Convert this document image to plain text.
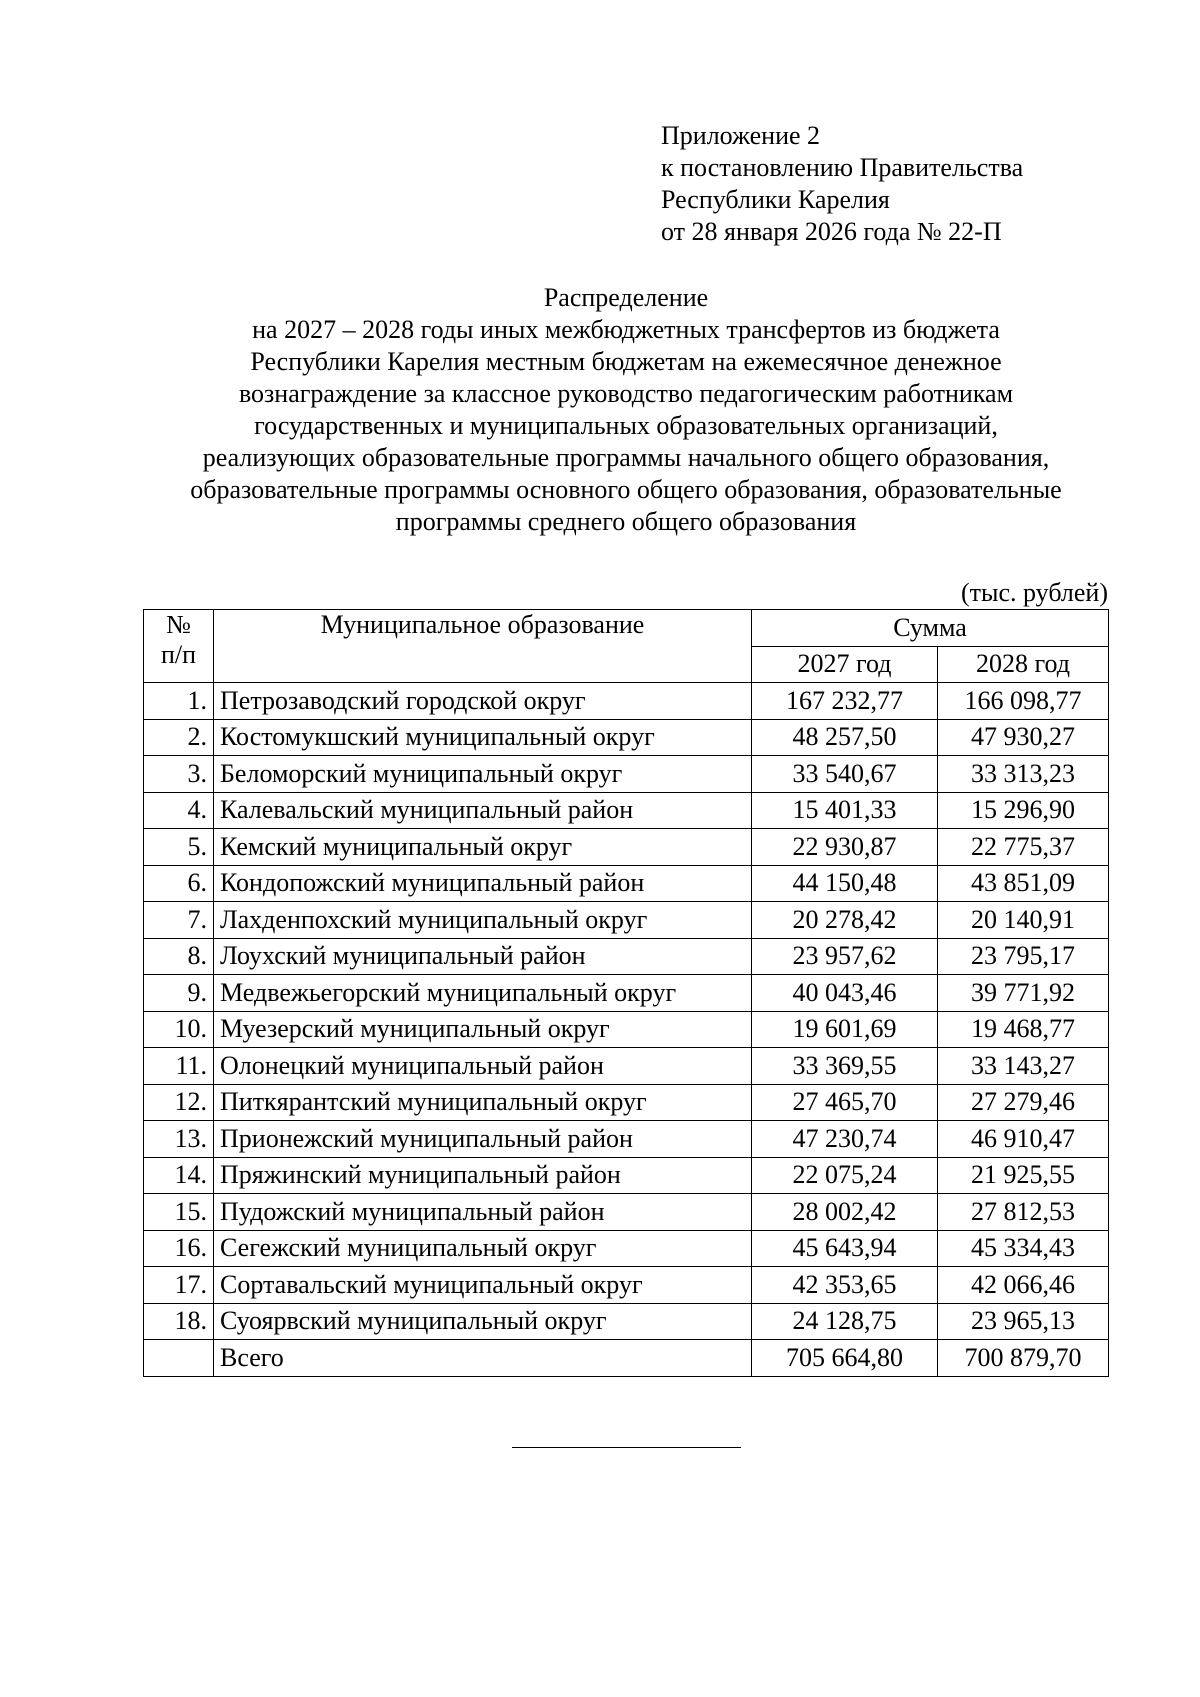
Приложение 2
к постановлению Правительства
Республики Карелия
от 28 января 2026 года № 22-П
Распределение
на 2027 – 2028 годы иных межбюджетных трансфертов из бюджета
Республики Карелия местным бюджетам на ежемесячное денежное
вознаграждение за классное руководство педагогическим работникам
государственных и муниципальных образовательных организаций,
реализующих образовательные программы начального общего образования,
образовательные программы основного общего образования, образовательные
программы среднего общего образования
(тыс. рублей)
№
п/п	Муниципальное образование	Сумма	
		2027 год	2028 год
1.	Петрозаводский городской округ	167 232,77	166 098,77
2.	Костомукшский муниципальный округ	48 257,50	47 930,27
3.	Беломорский муниципальный округ	33 540,67	33 313,23
4.	Калевальский муниципальный район	15 401,33	15 296,90
5.	Кемский муниципальный округ	22 930,87	22 775,37
6.	Кондопожский муниципальный район	44 150,48	43 851,09
7.	Лахденпохский муниципальный округ	20 278,42	20 140,91
8.	Лоухский муниципальный район	23 957,62	23 795,17
9.	Медвежьегорский муниципальный округ	40 043,46	39 771,92
10.	Муезерский муниципальный округ	19 601,69	19 468,77
11.	Олонецкий муниципальный район	33 369,55	33 143,27
12.	Питкярантский муниципальный округ	27 465,70	27 279,46
13.	Прионежский муниципальный район	47 230,74	46 910,47
14.	Пряжинский муниципальный район	22 075,24	21 925,55
15.	Пудожский муниципальный район	28 002,42	27 812,53
16.	Сегежский муниципальный округ	45 643,94	45 334,43
17.	Сортавальский муниципальный округ	42 353,65	42 066,46
18.	Суоярвский муниципальный округ	24 128,75	23 965,13
	Всего	705 664,80	700 879,70
